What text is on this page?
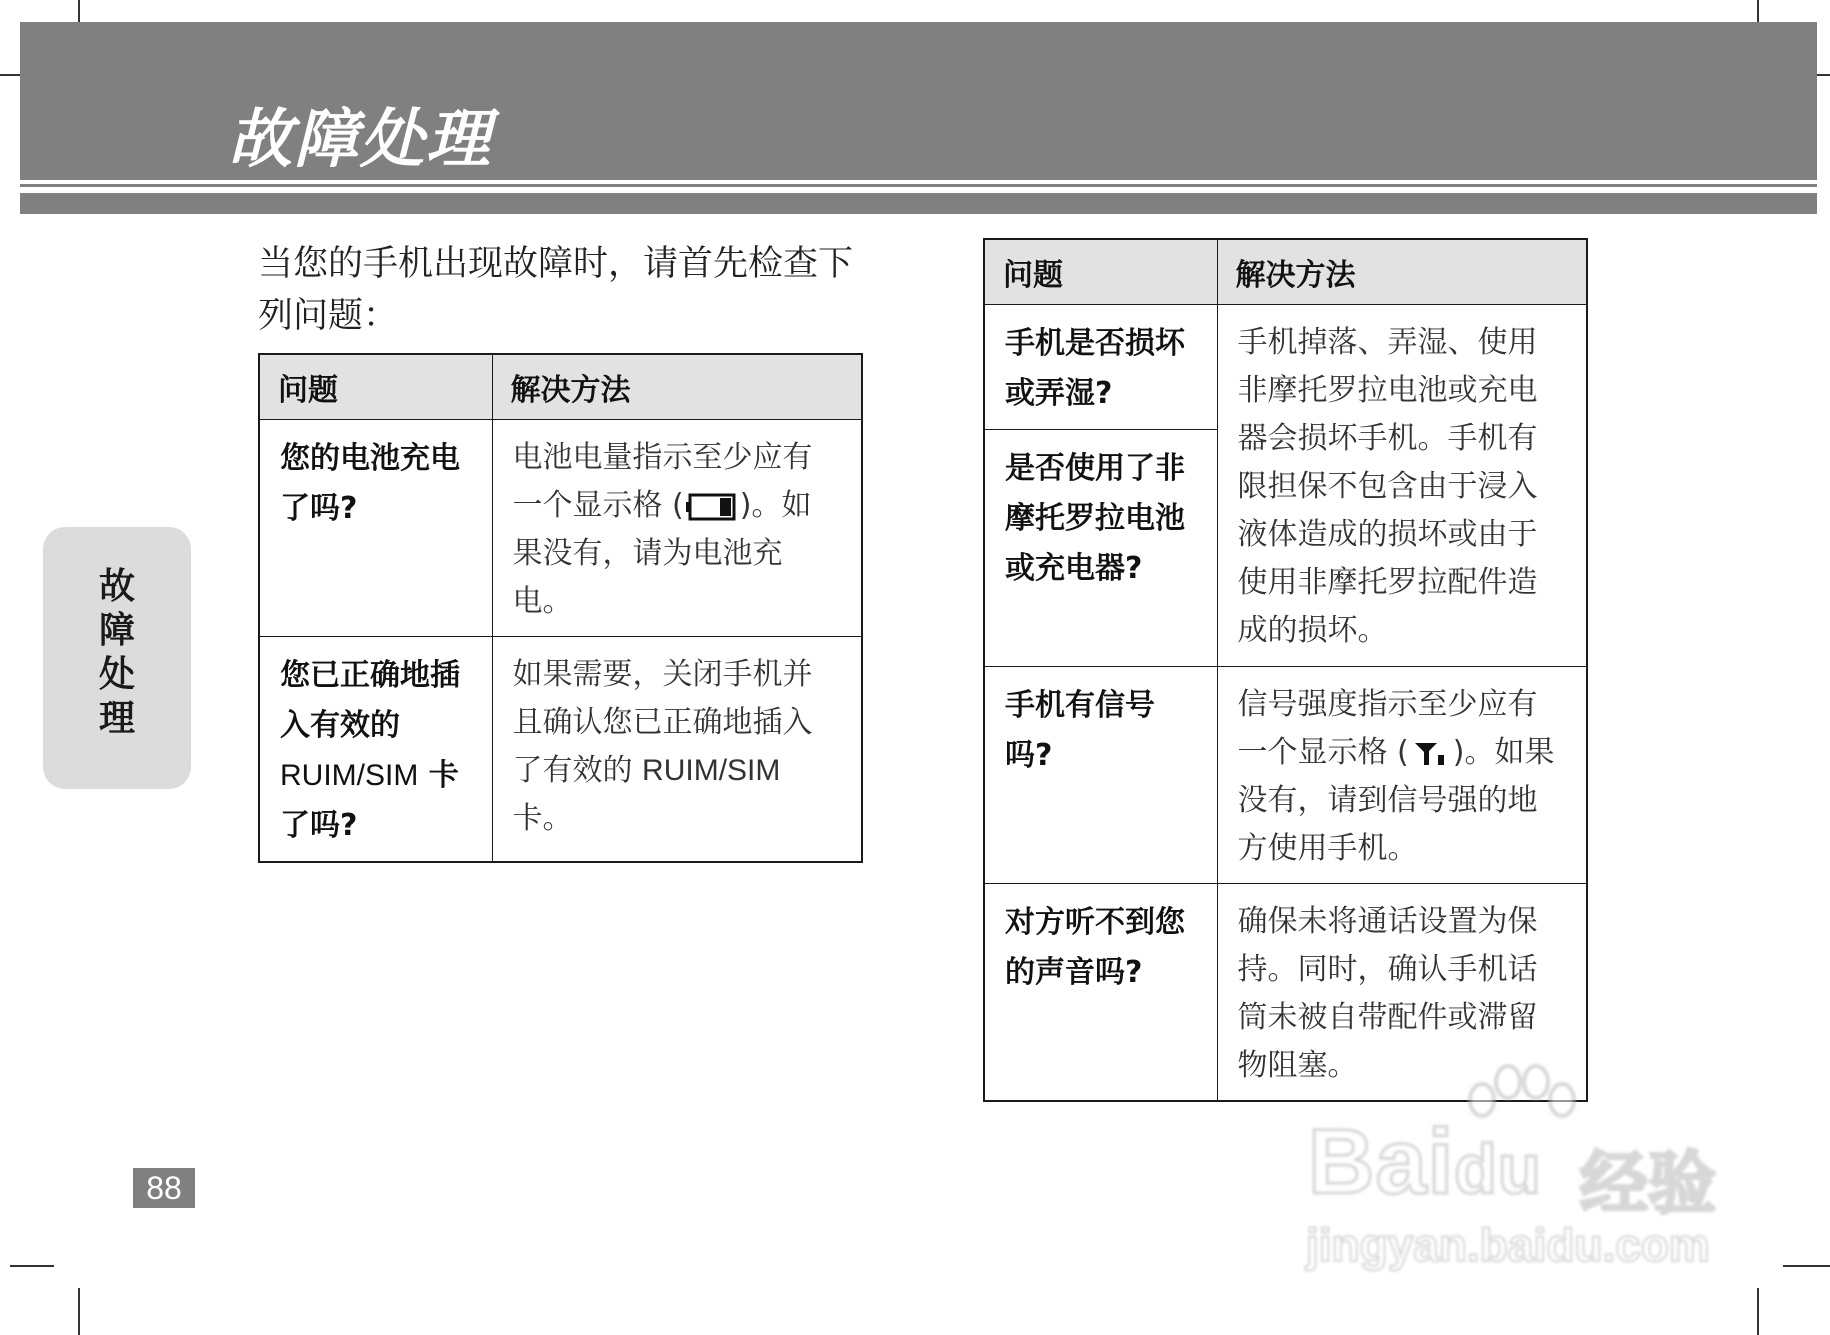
故障处理
故
障
处
理
88
当您的手机出现故障时，请首先检查下列问题：
问题	解决方法
您的电池充电了吗?	电池电量指示至少应有一个显示格 ( )。如果没有，请为电池充电。
您已正确地插入有效的RUIM/SIM 卡了吗?	如果需要，关闭手机并且确认您已正确地插入了有效的 RUIM/SIM 卡。
问题	解决方法
手机是否损坏或弄湿?	手机掉落、弄湿、使用非摩托罗拉电池或充电器会损坏手机。手机有限担保不包含由于浸入液体造成的损坏或由于使用非摩托罗拉配件造成的损坏。
是否使用了非摩托罗拉电池或充电器?	
手机有信号吗?	信号强度指示至少应有一个显示格 ( )。如果没有，请到信号强的地方使用手机。
对方听不到您的声音吗?	确保未将通话设置为保持。同时，确认手机话筒未被自带配件或滞留物阻塞。
Baidu 经验
jingyan.baidu.com
